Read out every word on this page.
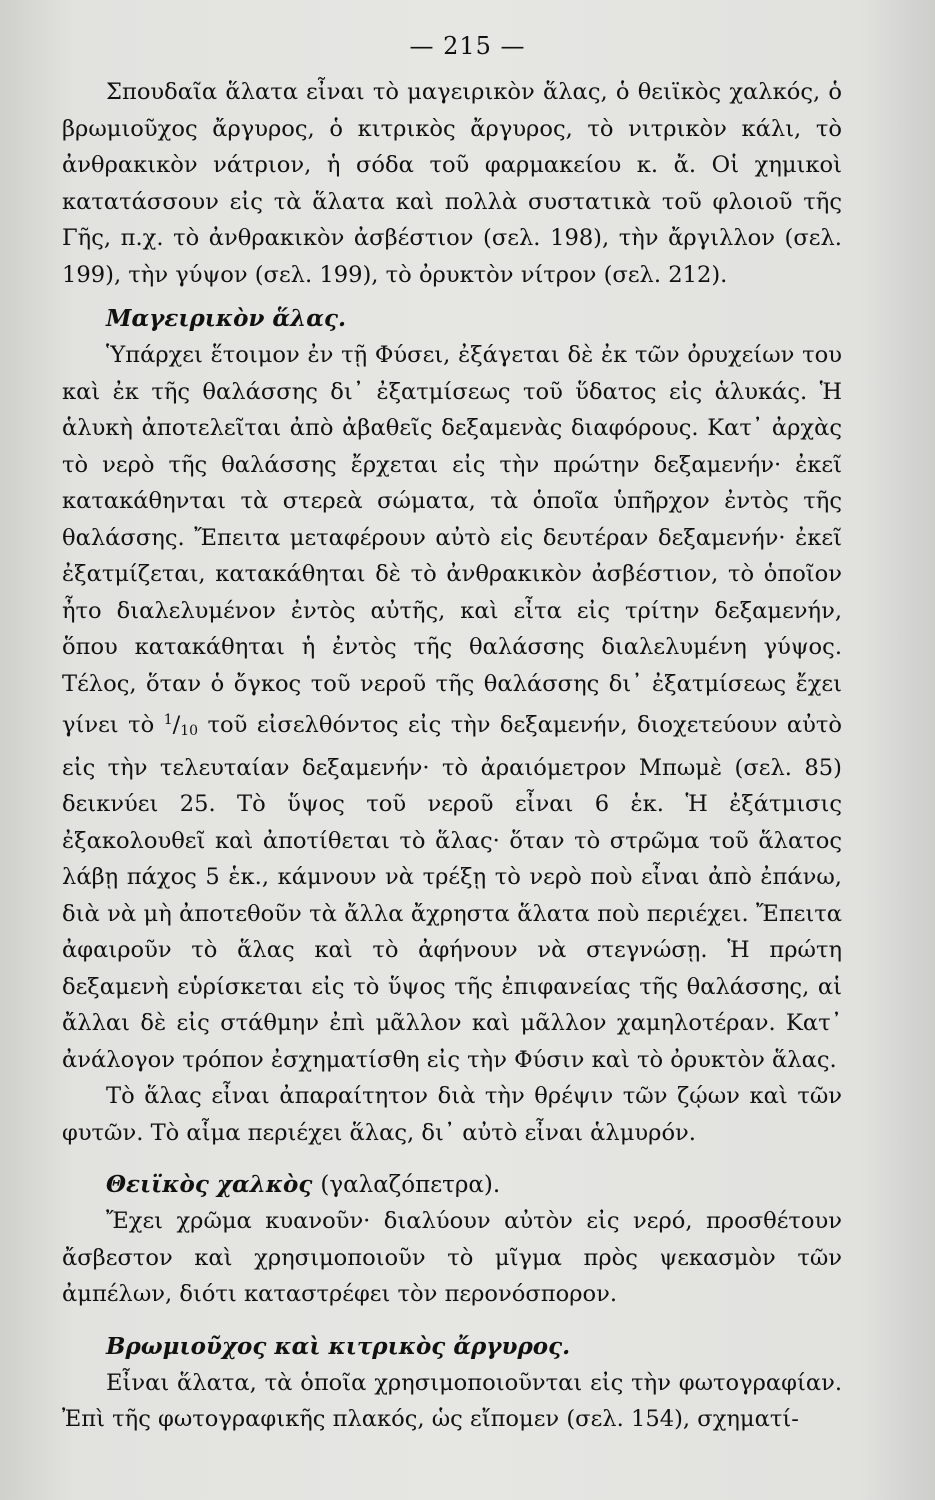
— 215 —

Σπουδαῖα ἅλατα εἶναι τὸ μαγειρικὸν ἅλας, ὁ θειϊκὸς χαλκός, ὁ βρωμιοῦχος ἄργυρος, ὁ κιτρικὸς ἄργυρος, τὸ νιτρικὸν κάλι, τὸ ἀνθρακικὸν νάτριον, ἡ σόδα τοῦ φαρμακείου κ. ἄ. Οἱ χημικοὶ κατατάσσουν εἰς τὰ ἅλατα καὶ πολλὰ συστατικὰ τοῦ φλοιοῦ τῆς Γῆς, π.χ. τὸ ἀνθρακικὸν ἀσβέστιον (σελ. 198), τὴν ἄργιλλον (σελ. 199), τὴν γύψον (σελ. 199), τὸ ὀρυκτὸν νίτρον (σελ. 212).

Μαγειρικὸν ἅλας.

Ὑπάρχει ἕτοιμον ἐν τῇ Φύσει, ἐξάγεται δὲ ἐκ τῶν ὀρυχείων του καὶ ἐκ τῆς θαλάσσης δι᾿ ἐξατμίσεως τοῦ ὕδατος εἰς ἁλυκάς. Ἡ ἁλυκὴ ἀποτελεῖται ἀπὸ ἀβαθεῖς δεξαμενὰς διαφόρους. Κατ᾿ ἀρχὰς τὸ νερὸ τῆς θαλάσσης ἔρχεται εἰς τὴν πρώτην δεξαμενήν· ἐκεῖ κατακάθηνται τὰ στερεὰ σώματα, τὰ ὁποῖα ὑπῆρχον ἐντὸς τῆς θαλάσσης. Ἔπειτα μεταφέρουν αὐτὸ εἰς δευτέραν δεξαμενήν· ἐκεῖ ἐξατμίζεται, κατακάθηται δὲ τὸ ἀνθρακικὸν ἀσβέστιον, τὸ ὁποῖον ἦτο διαλελυμένον ἐντὸς αὐτῆς, καὶ εἶτα εἰς τρίτην δεξαμενήν, ὅπου κατακάθηται ἡ ἐντὸς τῆς θαλάσσης διαλελυμένη γύψος. Τέλος, ὅταν ὁ ὄγκος τοῦ νεροῦ τῆς θαλάσσης δι᾿ ἐξατμίσεως ἔχει γίνει τὸ $^1/_{10}$ τοῦ εἰσελθόντος εἰς τὴν δεξαμενήν, διοχετεύουν αὐτὸ εἰς τὴν τελευταίαν δεξαμενήν· τὸ ἀραιόμετρον Μπωμὲ (σελ. 85) δεικνύει 25. Τὸ ὕψος τοῦ νεροῦ εἶναι 6 ἑκ. Ἡ ἐξάτμισις ἐξακολουθεῖ καὶ ἀποτίθεται τὸ ἅλας· ὅταν τὸ στρῶμα τοῦ ἅλατος λάβῃ πάχος 5 ἑκ., κάμνουν νὰ τρέξῃ τὸ νερὸ ποὺ εἶναι ἀπὸ ἐπάνω, διὰ νὰ μὴ ἀποτεθοῦν τὰ ἄλλα ἄχρηστα ἅλατα ποὺ περιέχει. Ἔπειτα ἀφαιροῦν τὸ ἅλας καὶ τὸ ἀφήνουν νὰ στεγνώσῃ. Ἡ πρώτη δεξαμενὴ εὑρίσκεται εἰς τὸ ὕψος τῆς ἐπιφανείας τῆς θαλάσσης, αἱ ἄλλαι δὲ εἰς στάθμην ἐπὶ μᾶλλον καὶ μᾶλλον χαμηλοτέραν. Κατ᾿ ἀνάλογον τρόπον ἐσχηματίσθη εἰς τὴν Φύσιν καὶ τὸ ὀρυκτὸν ἅλας.

Τὸ ἅλας εἶναι ἀπαραίτητον διὰ τὴν θρέψιν τῶν ζῴων καὶ τῶν φυτῶν. Τὸ αἷμα περιέχει ἅλας, δι᾿ αὐτὸ εἶναι ἁλμυρόν.

Θειϊκὸς χαλκὸς (γαλαζόπετρα).

Ἔχει χρῶμα κυανοῦν· διαλύουν αὐτὸν εἰς νερό, προσθέτουν ἄσβεστον καὶ χρησιμοποιοῦν τὸ μῖγμα πρὸς ψεκασμὸν τῶν ἀμπέλων, διότι καταστρέφει τὸν περονόσπορον.

Βρωμιοῦχος καὶ κιτρικὸς ἄργυρος.

Εἶναι ἅλατα, τὰ ὁποῖα χρησιμοποιοῦνται εἰς τὴν φωτογραφίαν. Ἐπὶ τῆς φωτογραφικῆς πλακός, ὡς εἴπομεν (σελ. 154), σχηματί-
